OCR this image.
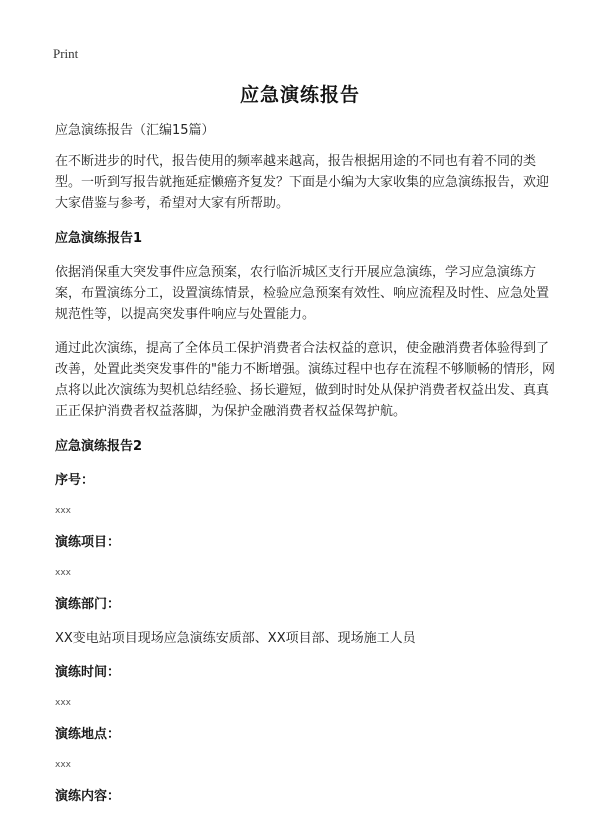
Print
应急演练报告

应急演练报告（汇编15篇）

在不断进步的时代，报告使用的频率越来越高，报告根据用途的不同也有着不同的类型。一听到写报告就拖延症懒癌齐复发？下面是小编为大家收集的应急演练报告，欢迎大家借鉴与参考，希望对大家有所帮助。

应急演练报告1

依据消保重大突发事件应急预案，农行临沂城区支行开展应急演练，学习应急演练方案，布置演练分工，设置演练情景，检验应急预案有效性、响应流程及时性、应急处置规范性等，以提高突发事件响应与处置能力。

通过此次演练，提高了全体员工保护消费者合法权益的意识，使金融消费者体验得到了改善，处置此类突发事件的"能力不断增强。演练过程中也存在流程不够顺畅的情形，网点将以此次演练为契机总结经验、扬长避短，做到时时处从保护消费者权益出发、真真正正保护消费者权益落脚，为保护金融消费者权益保驾护航。

应急演练报告2

序号：

xxx

演练项目：

xxx

演练部门：

XX变电站项目现场应急演练安质部、XX项目部、现场施工人员

演练时间：

xxx

演练地点：

xxx

演练内容：
